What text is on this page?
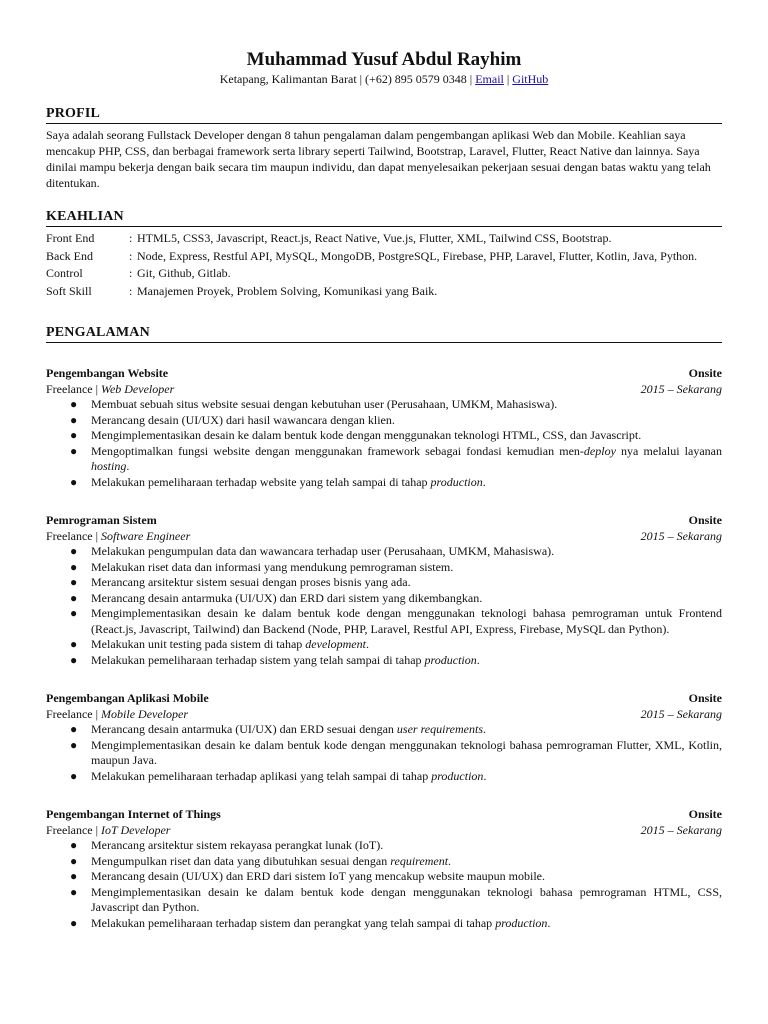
Muhammad Yusuf Abdul Rayhim
Ketapang, Kalimantan Barat | (+62) 895 0579 0348 | Email | GitHub
PROFIL
Saya adalah seorang Fullstack Developer dengan 8 tahun pengalaman dalam pengembangan aplikasi Web dan Mobile. Keahlian saya mencakup PHP, CSS, dan berbagai framework serta library seperti Tailwind, Bootstrap, Laravel, Flutter, React Native dan lainnya. Saya dinilai mampu bekerja dengan baik secara tim maupun individu, dan dapat menyelesaikan pekerjaan sesuai dengan batas waktu yang telah ditentukan.
KEAHLIAN
Front End	: HTML5, CSS3, Javascript, React.js, React Native, Vue.js, Flutter, XML, Tailwind CSS, Bootstrap.
Back End	: Node, Express, Restful API, MySQL, MongoDB, PostgreSQL, Firebase, PHP, Laravel, Flutter, Kotlin, Java, Python.
Control	: Git, Github, Gitlab.
Soft Skill	: Manajemen Proyek, Problem Solving, Komunikasi yang Baik.
PENGALAMAN
Pengembangan Website	Onsite
Freelance | Web Developer	2015 – Sekarang
● Membuat sebuah situs website sesuai dengan kebutuhan user (Perusahaan, UMKM, Mahasiswa).
● Merancang desain (UI/UX) dari hasil wawancara dengan klien.
● Mengimplementasikan desain ke dalam bentuk kode dengan menggunakan teknologi HTML, CSS, dan Javascript.
● Mengoptimalkan fungsi website dengan menggunakan framework sebagai fondasi kemudian men-deploy nya melalui layanan hosting.
● Melakukan pemeliharaan terhadap website yang telah sampai di tahap production.
Pemrograman Sistem	Onsite
Freelance | Software Engineer	2015 – Sekarang
● Melakukan pengumpulan data dan wawancara terhadap user (Perusahaan, UMKM, Mahasiswa).
● Melakukan riset data dan informasi yang mendukung pemrograman sistem.
● Merancang arsitektur sistem sesuai dengan proses bisnis yang ada.
● Merancang desain antarmuka (UI/UX) dan ERD dari sistem yang dikembangkan.
● Mengimplementasikan desain ke dalam bentuk kode dengan menggunakan teknologi bahasa pemrograman untuk Frontend (React.js, Javascript, Tailwind) dan Backend (Node, PHP, Laravel, Restful API, Express, Firebase, MySQL dan Python).
● Melakukan unit testing pada sistem di tahap development.
● Melakukan pemeliharaan terhadap sistem yang telah sampai di tahap production.
Pengembangan Aplikasi Mobile	Onsite
Freelance | Mobile Developer	2015 – Sekarang
● Merancang desain antarmuka (UI/UX) dan ERD sesuai dengan user requirements.
● Mengimplementasikan desain ke dalam bentuk kode dengan menggunakan teknologi bahasa pemrograman Flutter, XML, Kotlin, maupun Java.
● Melakukan pemeliharaan terhadap aplikasi yang telah sampai di tahap production.
Pengembangan Internet of Things	Onsite
Freelance | IoT Developer	2015 – Sekarang
● Merancang arsitektur sistem rekayasa perangkat lunak (IoT).
● Mengumpulkan riset dan data yang dibutuhkan sesuai dengan requirement.
● Merancang desain (UI/UX) dan ERD dari sistem IoT yang mencakup website maupun mobile.
● Mengimplementasikan desain ke dalam bentuk kode dengan menggunakan teknologi bahasa pemrograman HTML, CSS, Javascript dan Python.
● Melakukan pemeliharaan terhadap sistem dan perangkat yang telah sampai di tahap production.
